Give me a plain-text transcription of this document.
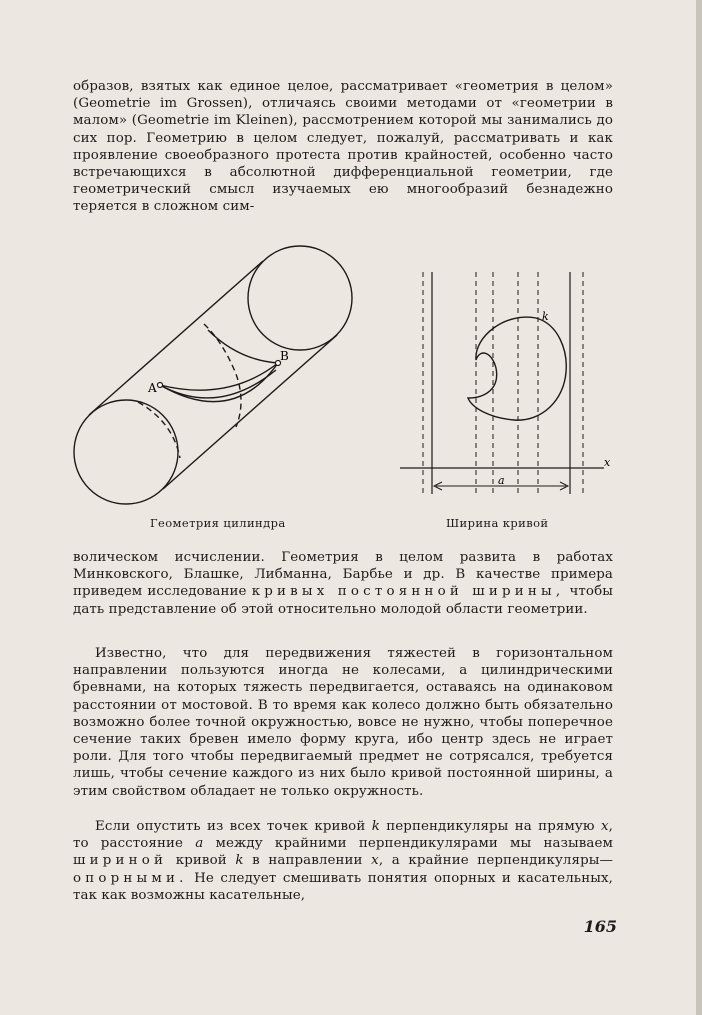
образов, взятых как единое целое, рассматривает «геометрия в целом» (Geometrie im Grossen), отличаясь своими методами от «геометрии в малом» (Geometrie im Kleinen), рассмотрением которой мы занимались до сих пор. Геометрию в целом следует, пожалуй, рассматривать и как проявление своеобразного протеста против крайностей, особенно часто встречающихся в абсолютной дифференциальной геометрии, где геометрический смысл изучаемых ею многообразий безнадежно теряется в сложном сим-
A
B
k
x
a
Геометрия цилиндра	Ширина кривой
волическом исчислении. Геометрия в целом развита в работах Минковского, Блашке, Либманна, Барбье и др. В качестве примера приведем исследование кривых постоянной ширины, чтобы дать представление об этой относительно молодой области геометрии.
Известно, что для передвижения тяжестей в горизонтальном направлении пользуются иногда не колесами, а цилиндрическими бревнами, на которых тяжесть передвигается, оставаясь на одинаковом расстоянии от мостовой. В то время как колесо должно быть обязательно возможно более точной окружностью, вовсе не нужно, чтобы поперечное сечение таких бревен имело форму круга, ибо центр здесь не играет роли. Для того чтобы передвигаемый предмет не сотрясался, требуется лишь, чтобы сечение каждого из них было кривой постоянной ширины, а этим свойством обладает не только окружность.
Если опустить из всех точек кривой k перпендикуляры на прямую x, то расстояние a между крайними перпендикулярами мы называем шириной кривой k в направлении x, а крайние перпендикуляры—опорными. Не следует смешивать понятия опорных и касательных, так как возможны касательные,
165
